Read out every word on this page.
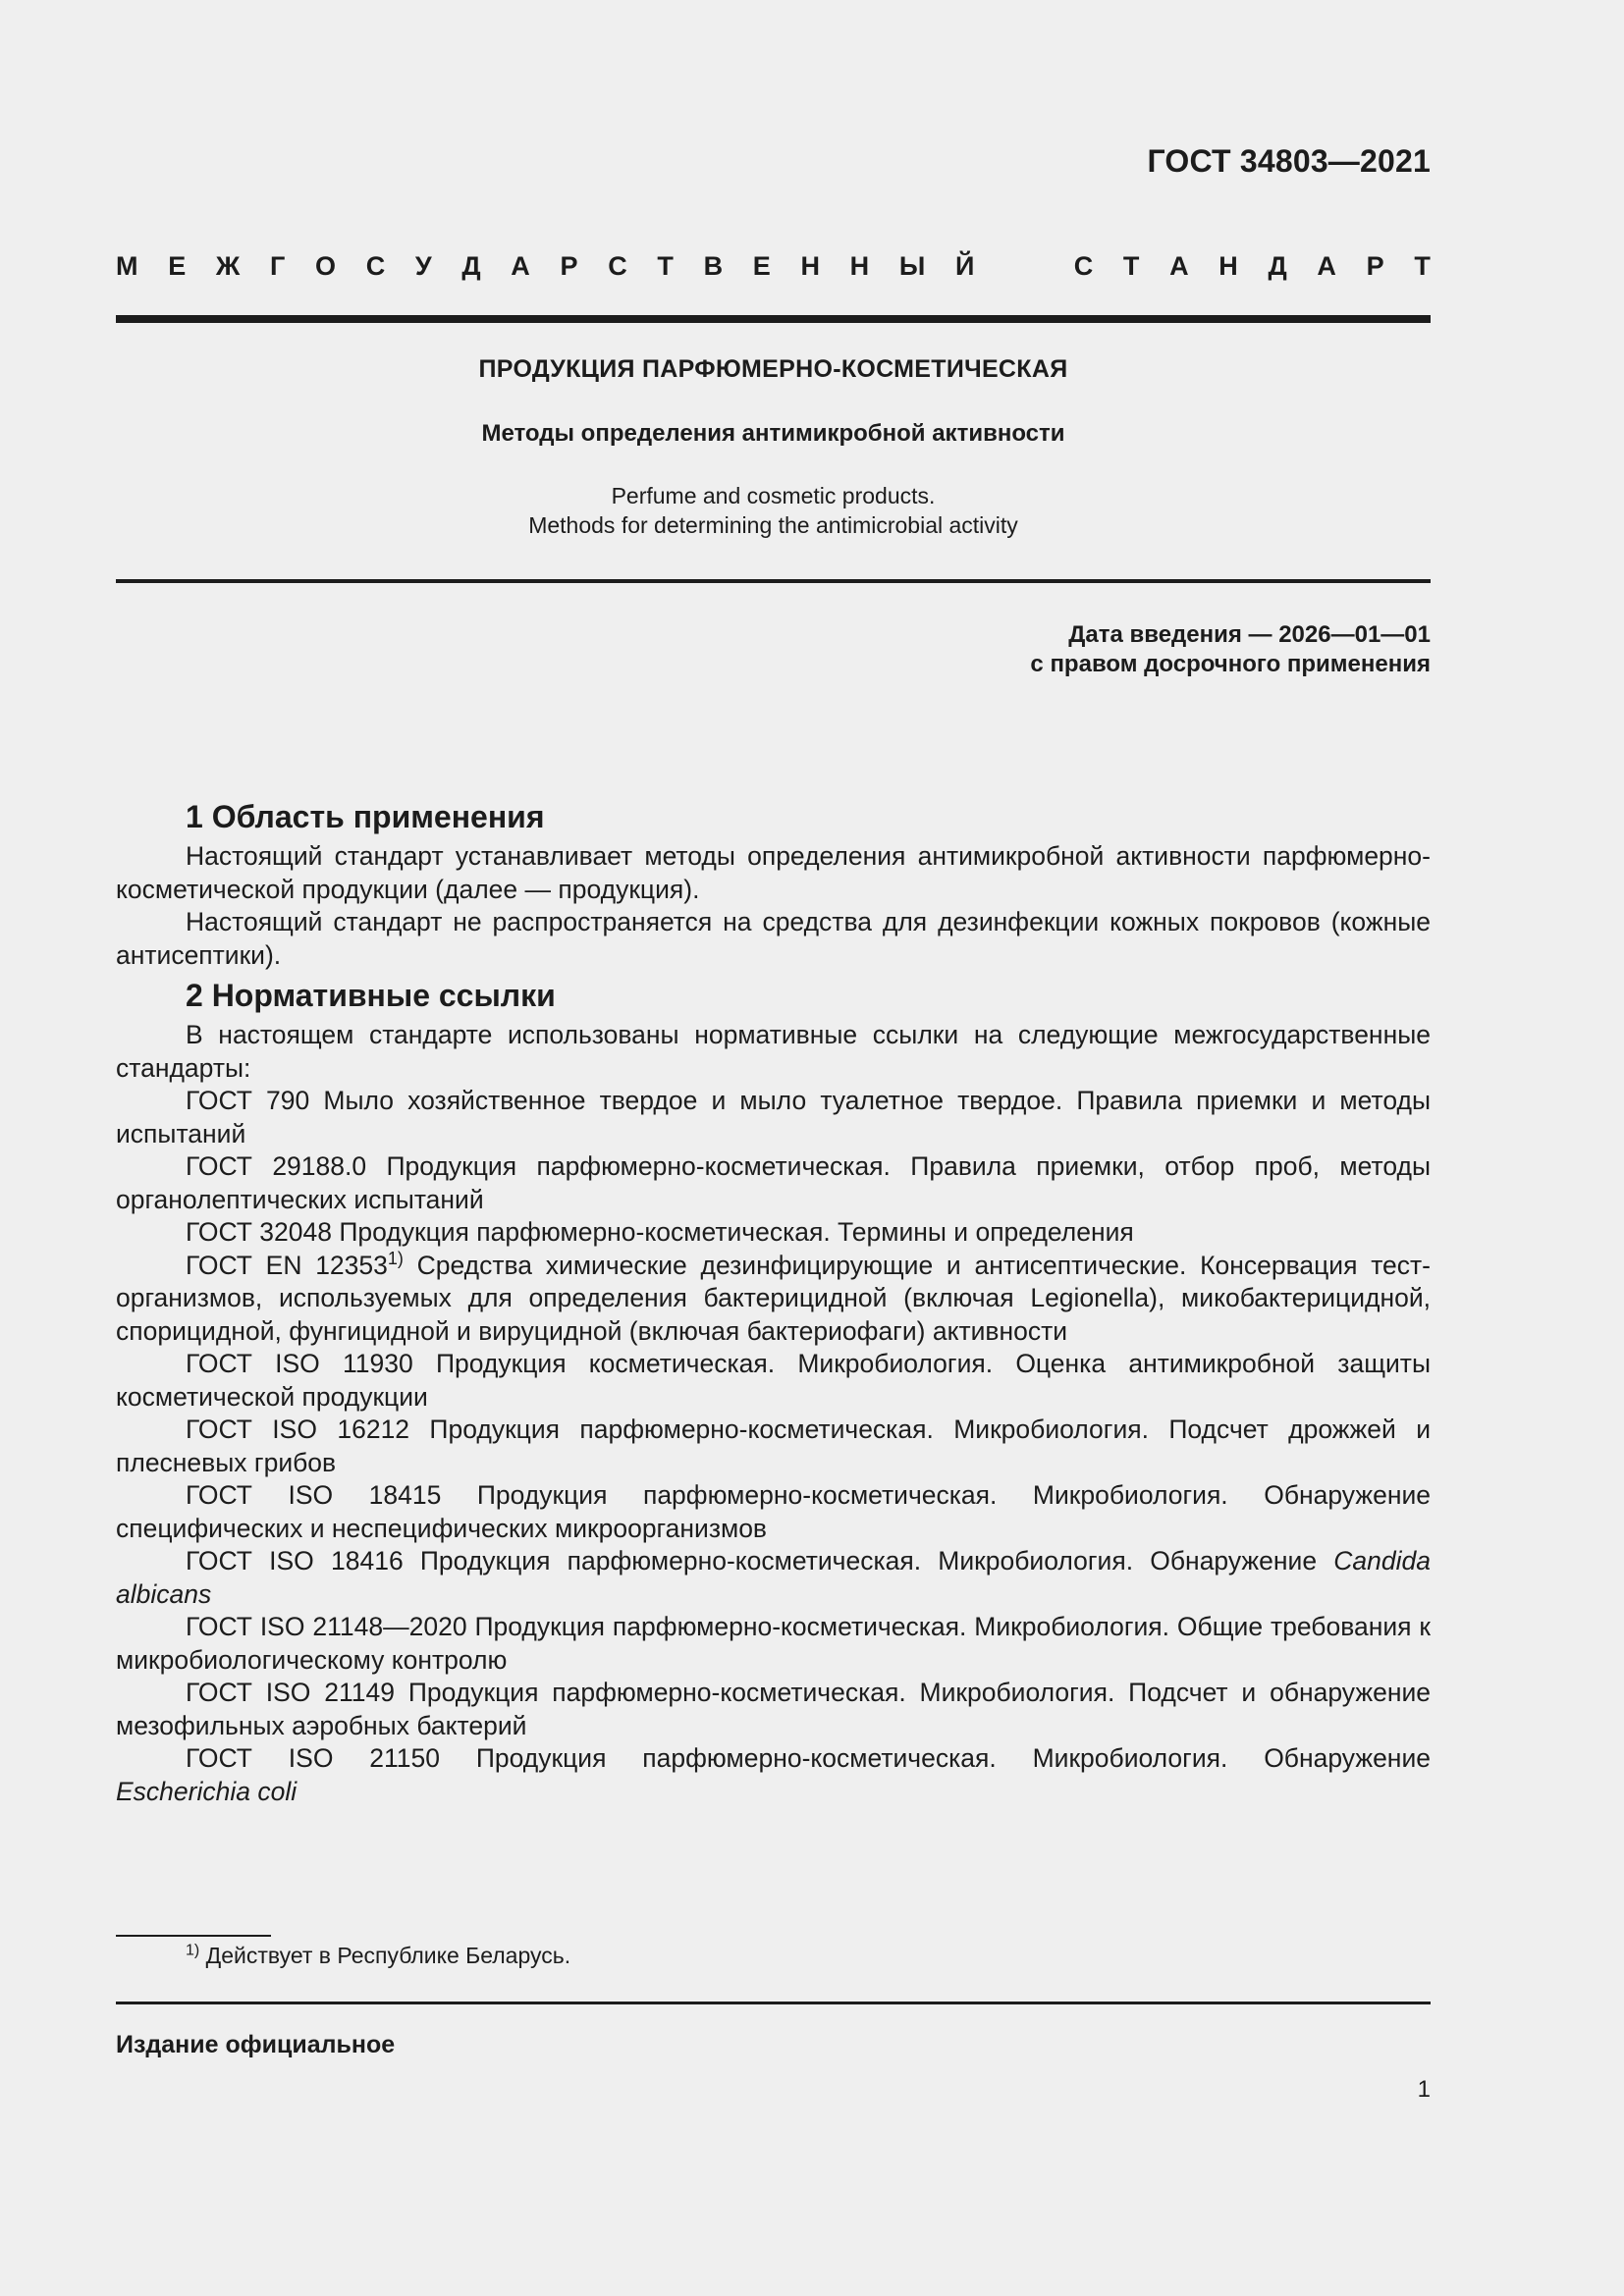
ГОСТ 34803—2021
М Е Ж Г О С У Д А Р С Т В Е Н Н Ы Й	С Т А Н Д А Р Т
ПРОДУКЦИЯ ПАРФЮМЕРНО-КОСМЕТИЧЕСКАЯ
Методы определения антимикробной активности
Perfume and cosmetic products.
Methods for determining the antimicrobial activity
Дата введения — 2026—01—01
с правом досрочного применения
1 Область применения

Настоящий стандарт устанавливает методы определения антимикробной активности парфюмерно-косметической продукции (далее — продукция).

Настоящий стандарт не распространяется на средства для дезинфекции кожных покровов (кожные антисептики).

2 Нормативные ссылки

В настоящем стандарте использованы нормативные ссылки на следующие межгосударственные стандарты:

ГОСТ 790 Мыло хозяйственное твердое и мыло туалетное твердое. Правила приемки и методы испытаний

ГОСТ 29188.0 Продукция парфюмерно-косметическая. Правила приемки, отбор проб, методы органолептических испытаний

ГОСТ 32048 Продукция парфюмерно-косметическая. Термины и определения

ГОСТ EN 12353$^{1)}$ Средства химические дезинфицирующие и антисептические. Консервация тест-организмов, используемых для определения бактерицидной (включая Legionella), микобактерицидной, спорицидной, фунгицидной и вируцидной (включая бактериофаги) активности

ГОСТ ISO 11930 Продукция косметическая. Микробиология. Оценка антимикробной защиты косметической продукции

ГОСТ ISO 16212 Продукция парфюмерно-косметическая. Микробиология. Подсчет дрожжей и плесневых грибов

ГОСТ ISO 18415 Продукция парфюмерно-косметическая. Микробиология. Обнаружение специфических и неспецифических микроорганизмов

ГОСТ ISO 18416 Продукция парфюмерно-косметическая. Микробиология. Обнаружение Candida albicans

ГОСТ ISO 21148—2020 Продукция парфюмерно-косметическая. Микробиология. Общие требования к микробиологическому контролю

ГОСТ ISO 21149 Продукция парфюмерно-косметическая. Микробиология. Подсчет и обнаружение мезофильных аэробных бактерий

ГОСТ ISO 21150 Продукция парфюмерно-косметическая. Микробиология. Обнаружение

Escherichia coli

$^{1)}$ Действует в Республике Беларусь.
Издание официальное
1
